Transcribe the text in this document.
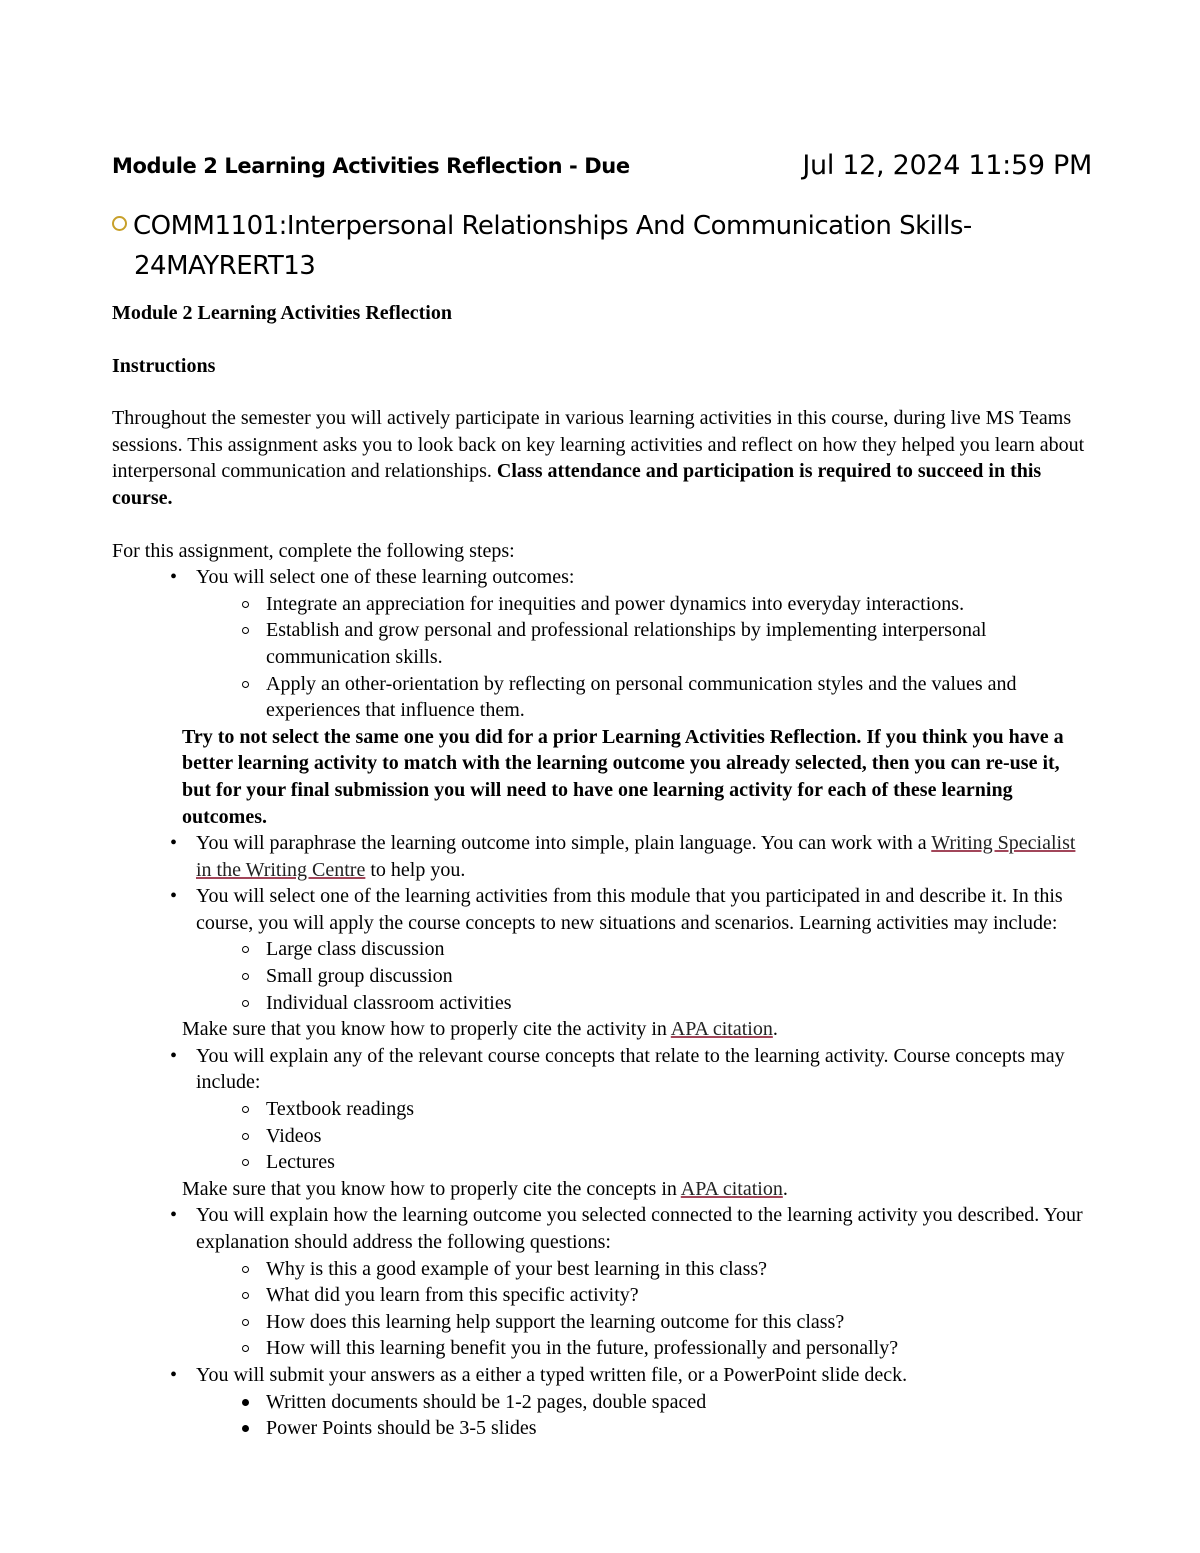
Module 2 Learning Activities Reflection - Due	Jul 12, 2024 11:59 PM
COMM1101:Interpersonal Relationships And Communication Skills-
24MAYRERT13

Module 2 Learning Activities Reflection

Instructions

Throughout the semester you will actively participate in various learning activities in this course, during live MS Teams sessions. This assignment asks you to look back on key learning activities and reflect on how they helped you learn about interpersonal communication and relationships. Class attendance and participation is required to succeed in this course.

For this assignment, complete the following steps:

• You will select one of these learning outcomes:
Integrate an appreciation for inequities and power dynamics into everyday interactions.
Establish and grow personal and professional relationships by implementing interpersonal communication skills.
Apply an other-orientation by reflecting on personal communication styles and the values and experiences that influence them.

Try to not select the same one you did for a prior Learning Activities Reflection. If you think you have a better learning activity to match with the learning outcome you already selected, then you can re-use it, but for your final submission you will need to have one learning activity for each of these learning outcomes.

• You will paraphrase the learning outcome into simple, plain language. You can work with a Writing Specialist in the Writing Centre to help you.
• You will select one of the learning activities from this module that you participated in and describe it. In this course, you will apply the course concepts to new situations and scenarios. Learning activities may include:
Large class discussion
Small group discussion
Individual classroom activities

Make sure that you know how to properly cite the activity in APA citation.

• You will explain any of the relevant course concepts that relate to the learning activity. Course concepts may include:
Textbook readings
Videos
Lectures

Make sure that you know how to properly cite the concepts in APA citation.

• You will explain how the learning outcome you selected connected to the learning activity you described. Your explanation should address the following questions:
Why is this a good example of your best learning in this class?
What did you learn from this specific activity?
How does this learning help support the learning outcome for this class?
How will this learning benefit you in the future, professionally and personally?
• You will submit your answers as a either a typed written file, or a PowerPoint slide deck.
Written documents should be 1-2 pages, double spaced
Power Points should be 3-5 slides
